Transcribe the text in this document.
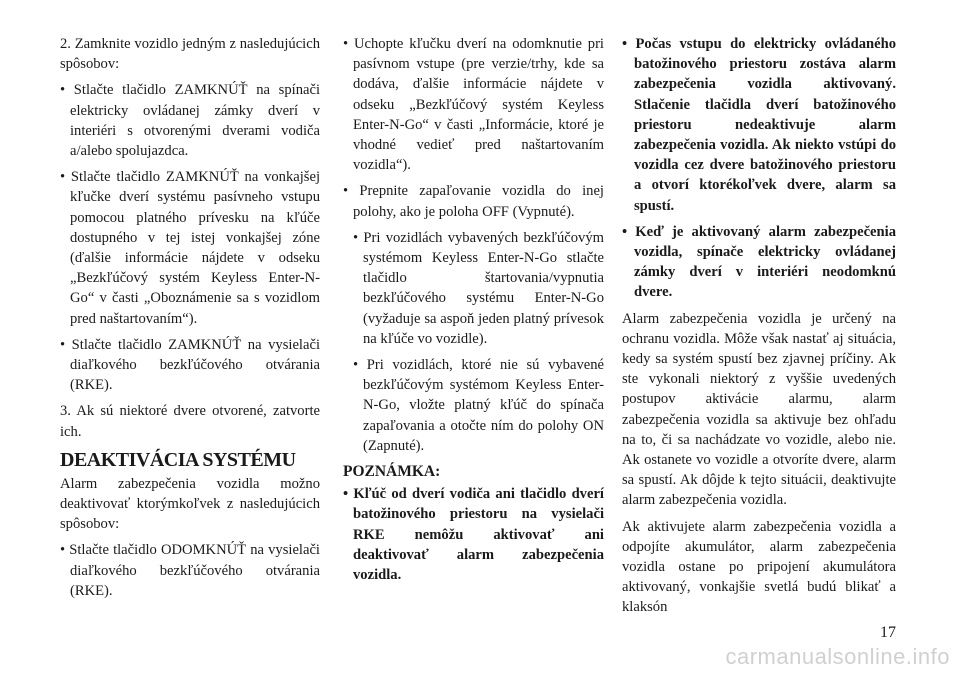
2. Zamknite vozidlo jedným z nasledujúcich spôsobov:

• Stlačte tlačidlo ZAMKNÚŤ na spínači elektricky ovládanej zámky dverí v interiéri s otvorenými dverami vodiča a/alebo spolujazdca.

• Stlačte tlačidlo ZAMKNÚŤ na vonkajšej kľučke dverí systému pasívneho vstupu pomocou platného prívesku na kľúče dostupného v tej istej vonkajšej zóne (ďalšie informácie nájdete v odseku „Bezkľúčový systém Keyless Enter-N-Go“ v časti „Oboznámenie sa s vozidlom pred naštartovaním“).

• Stlačte tlačidlo ZAMKNÚŤ na vysielači diaľkového bezkľúčového otvárania (RKE).

3. Ak sú niektoré dvere otvorené, zatvorte ich.

DEAKTIVÁCIA SYSTÉMU

Alarm zabezpečenia vozidla možno deaktivovať ktorýmkoľvek z nasledujúcich spôsobov:

• Stlačte tlačidlo ODOMKNÚŤ na vysielači diaľkového bezkľúčového otvárania (RKE).

• Uchopte kľučku dverí na odomknutie pri pasívnom vstupe (pre verzie/trhy, kde sa dodáva, ďalšie informácie nájdete v odseku „Bezkľúčový systém Keyless Enter-N-Go“ v časti „Informácie, ktoré je vhodné vedieť pred naštartovaním vozidla“).

• Prepnite zapaľovanie vozidla do inej polohy, ako je poloha OFF (Vypnuté).

• Pri vozidlách vybavených bezkľúčovým systémom Keyless Enter-N-Go stlačte tlačidlo štartovania/vypnutia bezkľúčového systému Enter-N-Go (vyžaduje sa aspoň jeden platný prívesok na kľúče vo vozidle).

• Pri vozidlách, ktoré nie sú vybavené bezkľúčovým systémom Keyless Enter-N-Go, vložte platný kľúč do spínača zapaľovania a otočte ním do polohy ON (Zapnuté).

POZNÁMKA:

• Kľúč od dverí vodiča ani tlačidlo dverí batožinového priestoru na vysielači RKE nemôžu aktivovať ani deaktivovať alarm zabezpečenia vozidla.

• Počas vstupu do elektricky ovládaného batožinového priestoru zostáva alarm zabezpečenia vozidla aktivovaný. Stlačenie tlačidla dverí batožinového priestoru nedeaktivuje alarm zabezpečenia vozidla. Ak niekto vstúpi do vozidla cez dvere batožinového priestoru a otvorí ktorékoľvek dvere, alarm sa spustí.

• Keď je aktivovaný alarm zabezpečenia vozidla, spínače elektricky ovládanej zámky dverí v interiéri neodomknú dvere.

Alarm zabezpečenia vozidla je určený na ochranu vozidla. Môže však nastať aj situácia, kedy sa systém spustí bez zjavnej príčiny. Ak ste vykonali niektorý z vyššie uvedených postupov aktivácie alarmu, alarm zabezpečenia vozidla sa aktivuje bez ohľadu na to, či sa nachádzate vo vozidle, alebo nie. Ak ostanete vo vozidle a otvoríte dvere, alarm sa spustí. Ak dôjde k tejto situácii, deaktivujte alarm zabezpečenia vozidla.

Ak aktivujete alarm zabezpečenia vozidla a odpojíte akumulátor, alarm zabezpečenia vozidla ostane po pripojení akumulátora aktivovaný, vonkajšie svetlá budú blikať a klaksón

17
carmanualsonline.info
